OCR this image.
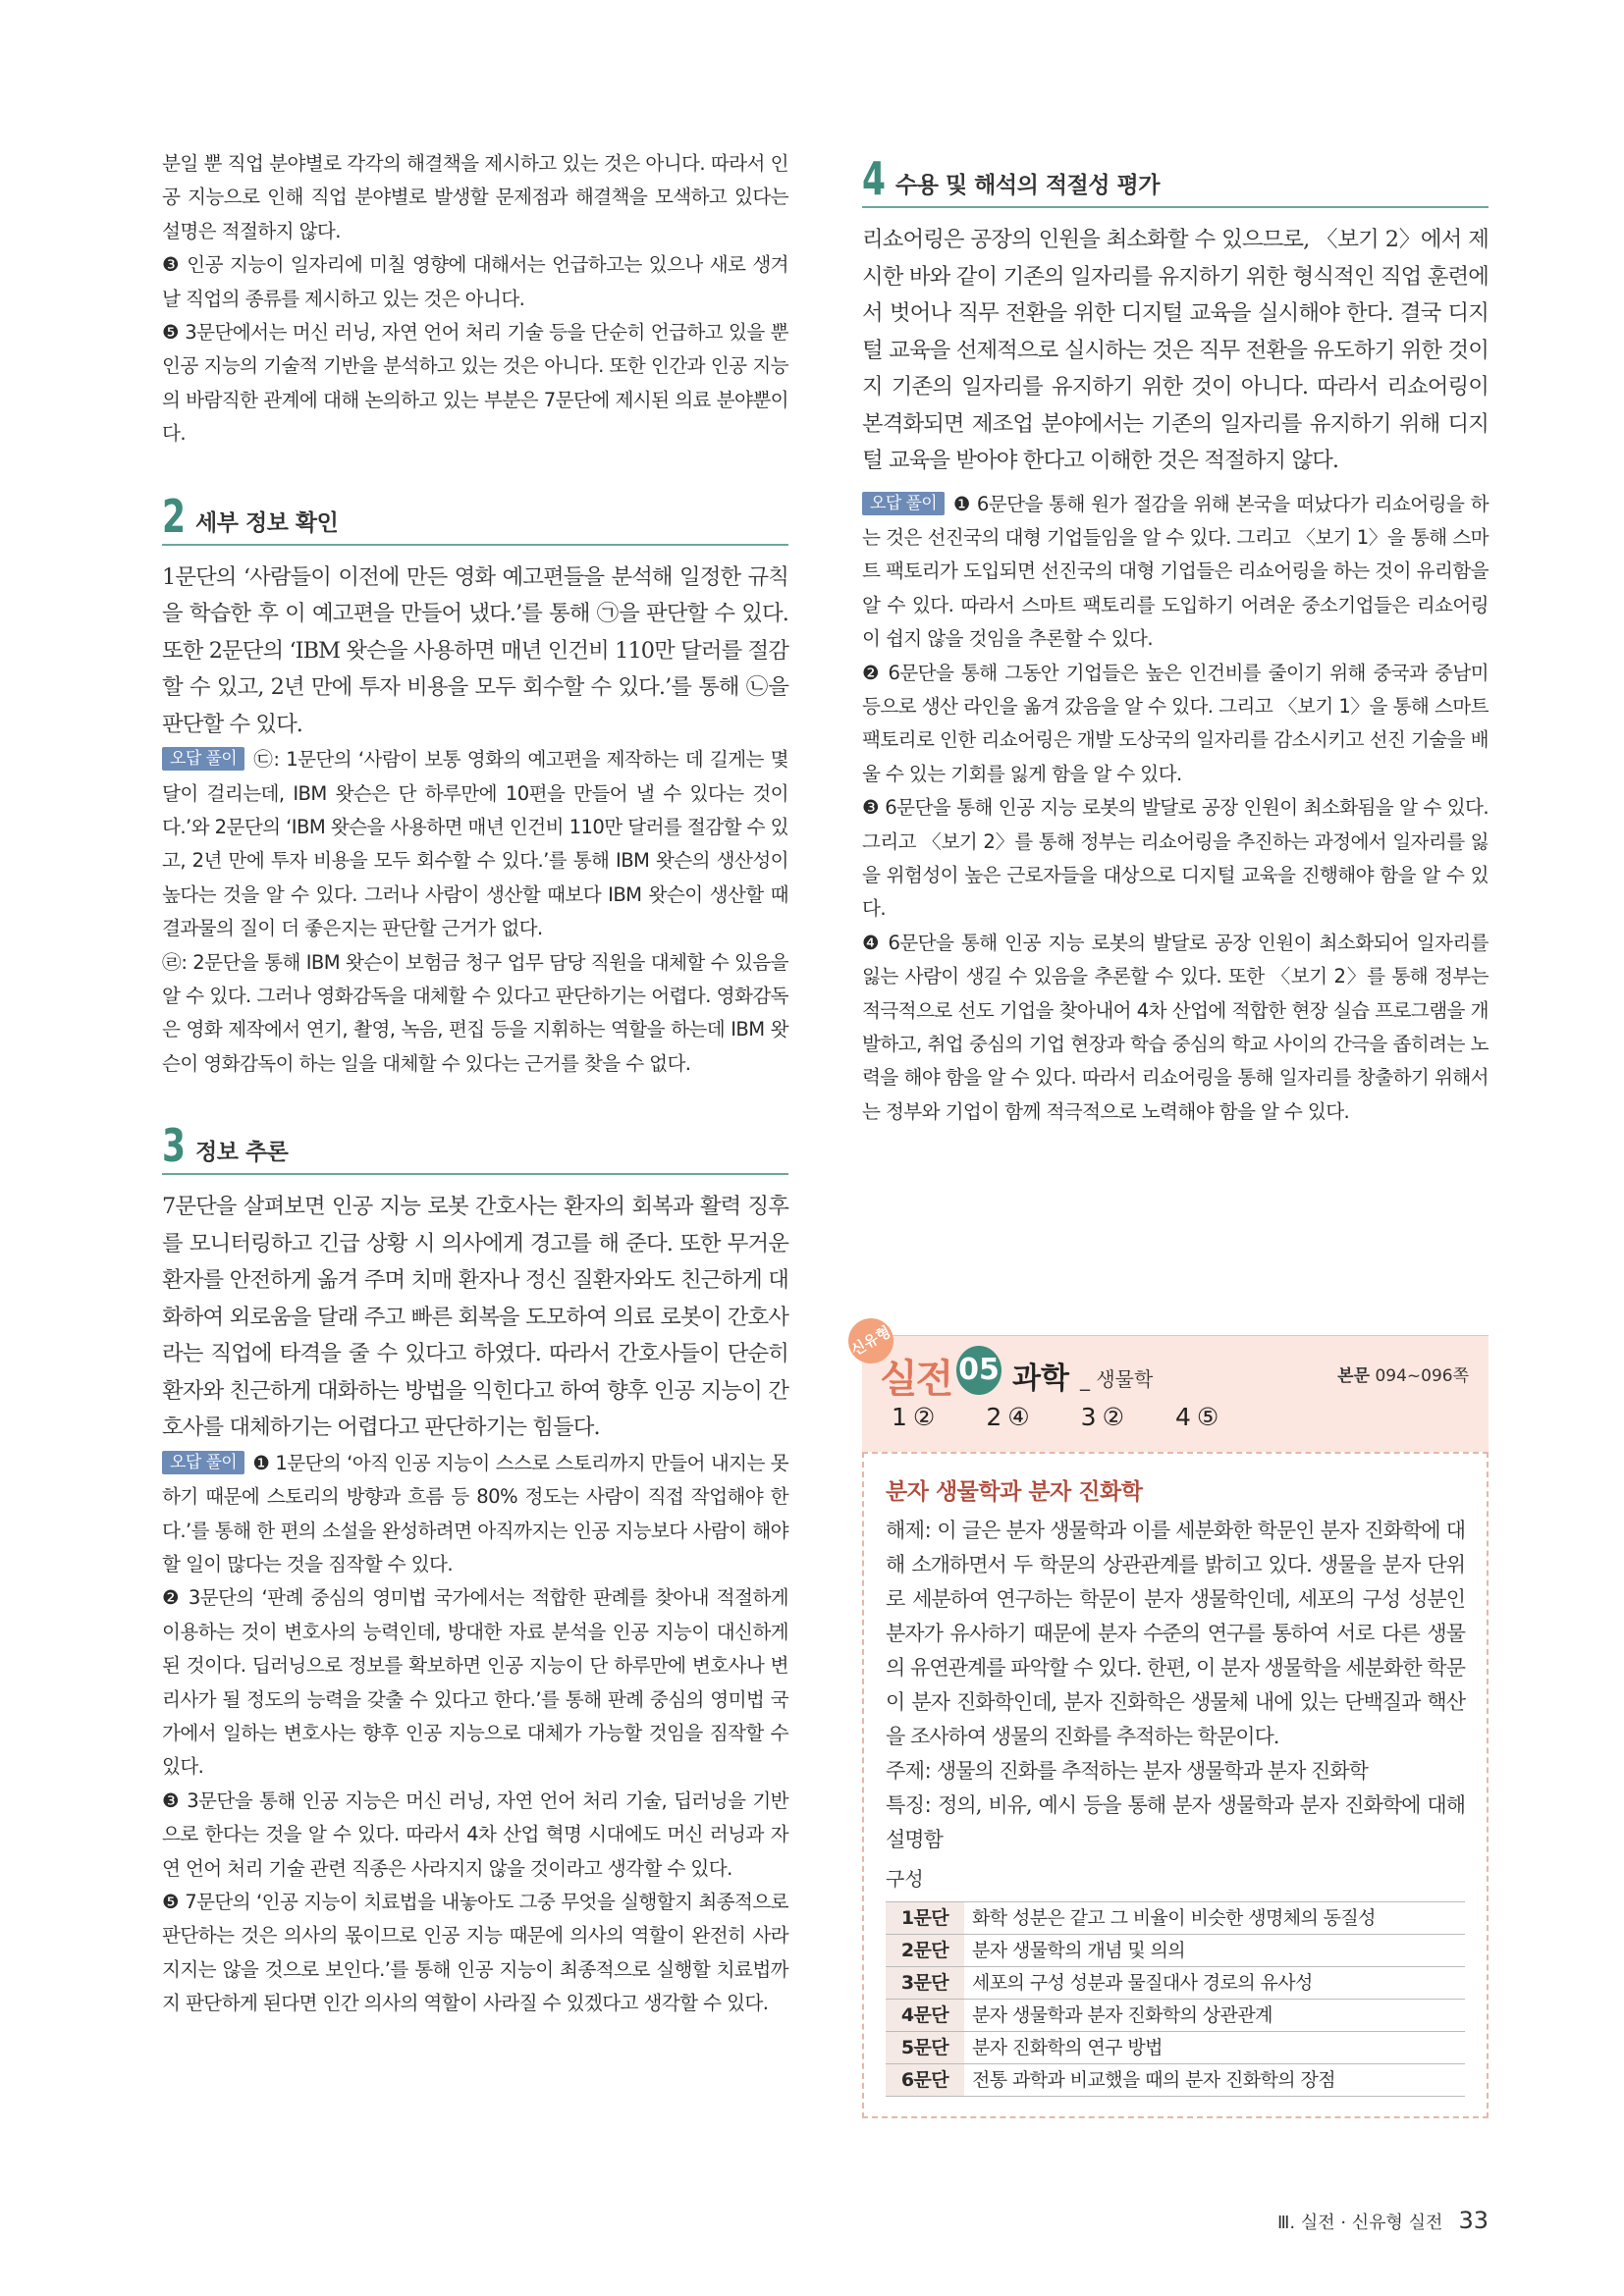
분일 뿐 직업 분야별로 각각의 해결책을 제시하고 있는 것은 아니다. 따라서 인공 지능으로 인해 직업 분야별로 발생할 문제점과 해결책을 모색하고 있다는 설명은 적절하지 않다.

❸ 인공 지능이 일자리에 미칠 영향에 대해서는 언급하고는 있으나 새로 생겨날 직업의 종류를 제시하고 있는 것은 아니다.

❺ 3문단에서는 머신 러닝, 자연 언어 처리 기술 등을 단순히 언급하고 있을 뿐 인공 지능의 기술적 기반을 분석하고 있는 것은 아니다. 또한 인간과 인공 지능의 바람직한 관계에 대해 논의하고 있는 부분은 7문단에 제시된 의료 분야뿐이다.

2 세부 정보 확인

1문단의 ‘사람들이 이전에 만든 영화 예고편들을 분석해 일정한 규칙을 학습한 후 이 예고편을 만들어 냈다.’를 통해 ㉠을 판단할 수 있다. 또한 2문단의 ‘IBM 왓슨을 사용하면 매년 인건비 110만 달러를 절감할 수 있고, 2년 만에 투자 비용을 모두 회수할 수 있다.’를 통해 ㉡을 판단할 수 있다.

오답 풀이 ㉢: 1문단의 ‘사람이 보통 영화의 예고편을 제작하는 데 길게는 몇 달이 걸리는데, IBM 왓슨은 단 하루만에 10편을 만들어 낼 수 있다는 것이다.’와 2문단의 ‘IBM 왓슨을 사용하면 매년 인건비 110만 달러를 절감할 수 있고, 2년 만에 투자 비용을 모두 회수할 수 있다.’를 통해 IBM 왓슨의 생산성이 높다는 것을 알 수 있다. 그러나 사람이 생산할 때보다 IBM 왓슨이 생산할 때 결과물의 질이 더 좋은지는 판단할 근거가 없다.

㉣: 2문단을 통해 IBM 왓슨이 보험금 청구 업무 담당 직원을 대체할 수 있음을 알 수 있다. 그러나 영화감독을 대체할 수 있다고 판단하기는 어렵다. 영화감독은 영화 제작에서 연기, 촬영, 녹음, 편집 등을 지휘하는 역할을 하는데 IBM 왓슨이 영화감독이 하는 일을 대체할 수 있다는 근거를 찾을 수 없다.

3 정보 추론

7문단을 살펴보면 인공 지능 로봇 간호사는 환자의 회복과 활력 징후를 모니터링하고 긴급 상황 시 의사에게 경고를 해 준다. 또한 무거운 환자를 안전하게 옮겨 주며 치매 환자나 정신 질환자와도 친근하게 대화하여 외로움을 달래 주고 빠른 회복을 도모하여 의료 로봇이 간호사라는 직업에 타격을 줄 수 있다고 하였다. 따라서 간호사들이 단순히 환자와 친근하게 대화하는 방법을 익힌다고 하여 향후 인공 지능이 간호사를 대체하기는 어렵다고 판단하기는 힘들다.

오답 풀이 ❶ 1문단의 ‘아직 인공 지능이 스스로 스토리까지 만들어 내지는 못하기 때문에 스토리의 방향과 흐름 등 80% 정도는 사람이 직접 작업해야 한다.’를 통해 한 편의 소설을 완성하려면 아직까지는 인공 지능보다 사람이 해야 할 일이 많다는 것을 짐작할 수 있다.

❷ 3문단의 ‘판례 중심의 영미법 국가에서는 적합한 판례를 찾아내 적절하게 이용하는 것이 변호사의 능력인데, 방대한 자료 분석을 인공 지능이 대신하게 된 것이다. 딥러닝으로 정보를 확보하면 인공 지능이 단 하루만에 변호사나 변리사가 될 정도의 능력을 갖출 수 있다고 한다.’를 통해 판례 중심의 영미법 국가에서 일하는 변호사는 향후 인공 지능으로 대체가 가능할 것임을 짐작할 수 있다.

❸ 3문단을 통해 인공 지능은 머신 러닝, 자연 언어 처리 기술, 딥러닝을 기반으로 한다는 것을 알 수 있다. 따라서 4차 산업 혁명 시대에도 머신 러닝과 자연 언어 처리 기술 관련 직종은 사라지지 않을 것이라고 생각할 수 있다.

❺ 7문단의 ‘인공 지능이 치료법을 내놓아도 그중 무엇을 실행할지 최종적으로 판단하는 것은 의사의 몫이므로 인공 지능 때문에 의사의 역할이 완전히 사라지지는 않을 것으로 보인다.’를 통해 인공 지능이 최종적으로 실행할 치료법까지 판단하게 된다면 인간 의사의 역할이 사라질 수 있겠다고 생각할 수 있다.

4 수용 및 해석의 적절성 평가

리쇼어링은 공장의 인원을 최소화할 수 있으므로, 〈보기 2〉에서 제시한 바와 같이 기존의 일자리를 유지하기 위한 형식적인 직업 훈련에서 벗어나 직무 전환을 위한 디지털 교육을 실시해야 한다. 결국 디지털 교육을 선제적으로 실시하는 것은 직무 전환을 유도하기 위한 것이지 기존의 일자리를 유지하기 위한 것이 아니다. 따라서 리쇼어링이 본격화되면 제조업 분야에서는 기존의 일자리를 유지하기 위해 디지털 교육을 받아야 한다고 이해한 것은 적절하지 않다.

오답 풀이 ❶ 6문단을 통해 원가 절감을 위해 본국을 떠났다가 리쇼어링을 하는 것은 선진국의 대형 기업들임을 알 수 있다. 그리고 〈보기 1〉을 통해 스마트 팩토리가 도입되면 선진국의 대형 기업들은 리쇼어링을 하는 것이 유리함을 알 수 있다. 따라서 스마트 팩토리를 도입하기 어려운 중소기업들은 리쇼어링이 쉽지 않을 것임을 추론할 수 있다.

❷ 6문단을 통해 그동안 기업들은 높은 인건비를 줄이기 위해 중국과 중남미 등으로 생산 라인을 옮겨 갔음을 알 수 있다. 그리고 〈보기 1〉을 통해 스마트 팩토리로 인한 리쇼어링은 개발 도상국의 일자리를 감소시키고 선진 기술을 배울 수 있는 기회를 잃게 함을 알 수 있다.

❸ 6문단을 통해 인공 지능 로봇의 발달로 공장 인원이 최소화됨을 알 수 있다. 그리고 〈보기 2〉를 통해 정부는 리쇼어링을 추진하는 과정에서 일자리를 잃을 위험성이 높은 근로자들을 대상으로 디지털 교육을 진행해야 함을 알 수 있다.

❹ 6문단을 통해 인공 지능 로봇의 발달로 공장 인원이 최소화되어 일자리를 잃는 사람이 생길 수 있음을 추론할 수 있다. 또한 〈보기 2〉를 통해 정부는 적극적으로 선도 기업을 찾아내어 4차 산업에 적합한 현장 실습 프로그램을 개발하고, 취업 중심의 기업 현장과 학습 중심의 학교 사이의 간극을 좁히려는 노력을 해야 함을 알 수 있다. 따라서 리쇼어링을 통해 일자리를 창출하기 위해서는 정부와 기업이 함께 적극적으로 노력해야 함을 알 수 있다.

신유형
실전 05 과학 _ 생물학	본문 094~096쪽
1 ② 2 ④ 3 ② 4 ⑤
분자 생물학과 분자 진화학

해제: 이 글은 분자 생물학과 이를 세분화한 학문인 분자 진화학에 대해 소개하면서 두 학문의 상관관계를 밝히고 있다. 생물을 분자 단위로 세분하여 연구하는 학문이 분자 생물학인데, 세포의 구성 성분인 분자가 유사하기 때문에 분자 수준의 연구를 통하여 서로 다른 생물의 유연관계를 파악할 수 있다. 한편, 이 분자 생물학을 세분화한 학문이 분자 진화학인데, 분자 진화학은 생물체 내에 있는 단백질과 핵산을 조사하여 생물의 진화를 추적하는 학문이다.

주제: 생물의 진화를 추적하는 분자 생물학과 분자 진화학

특징: 정의, 비유, 예시 등을 통해 분자 생물학과 분자 진화학에 대해 설명함

구성
1문단	화학 성분은 같고 그 비율이 비슷한 생명체의 동질성
2문단	분자 생물학의 개념 및 의의
3문단	세포의 구성 성분과 물질대사 경로의 유사성
4문단	분자 생물학과 분자 진화학의 상관관계
5문단	분자 진화학의 연구 방법
6문단	전통 과학과 비교했을 때의 분자 진화학의 장점
Ⅲ. 실전 · 신유형 실전 33
